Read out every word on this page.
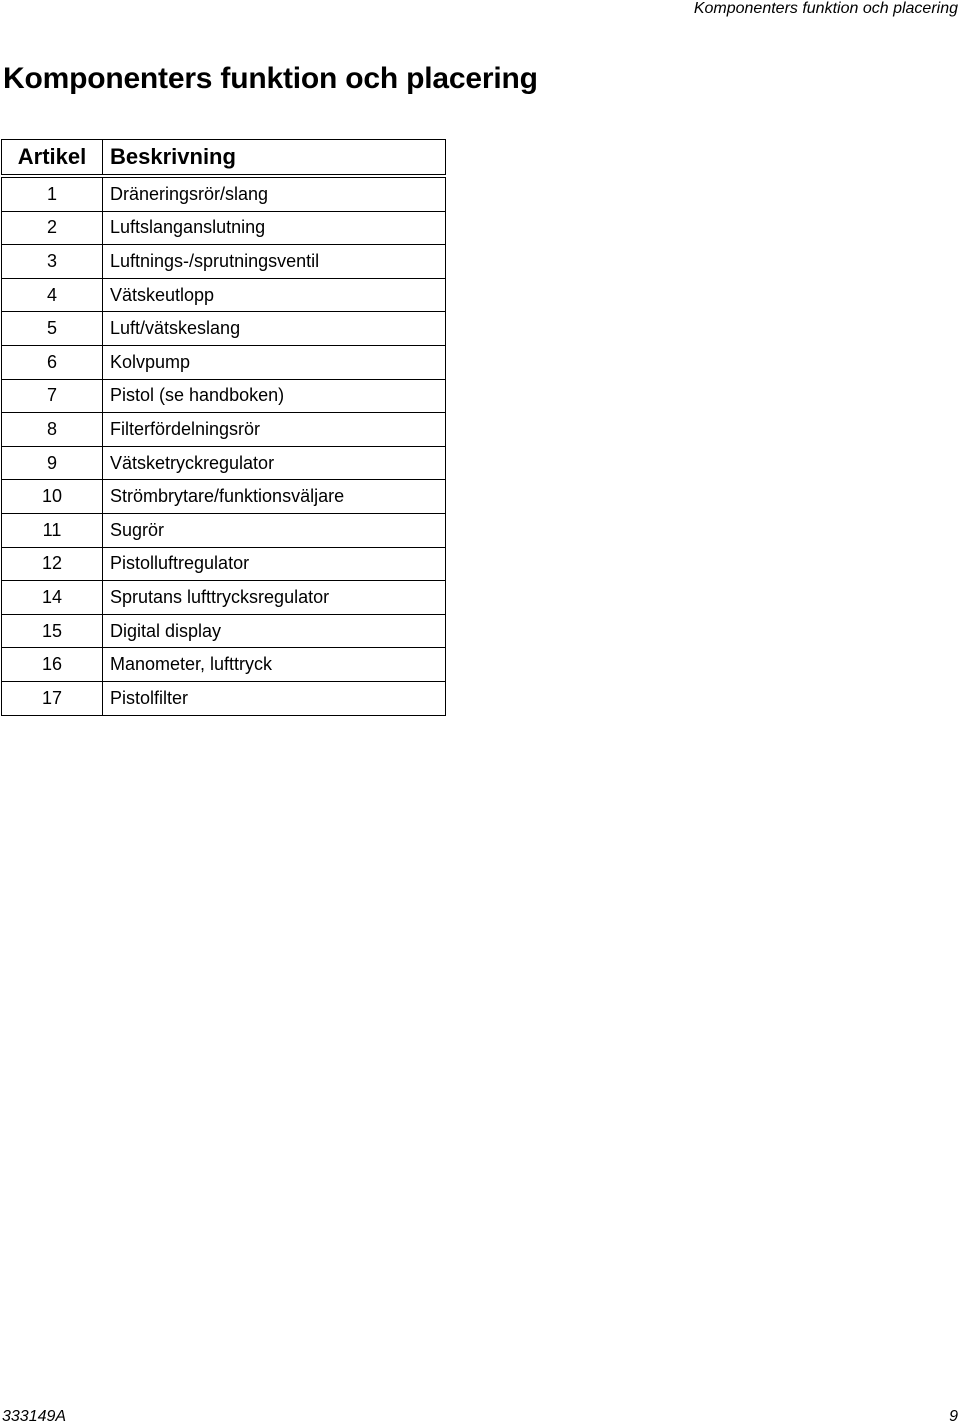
Komponenters funktion och placering
Komponenters funktion och placering
Artikel	Beskrivning
1	Dräneringsrör/slang
2	Luftslanganslutning
3	Luftnings-/sprutningsventil
4	Vätskeutlopp
5	Luft/vätskeslang
6	Kolvpump
7	Pistol (se handboken)
8	Filterfördelningsrör
9	Vätsketryckregulator
10	Strömbrytare/funktionsväljare
11	Sugrör
12	Pistolluftregulator
14	Sprutans lufttrycksregulator
15	Digital display
16	Manometer, lufttryck
17	Pistolfilter
333149A	9
